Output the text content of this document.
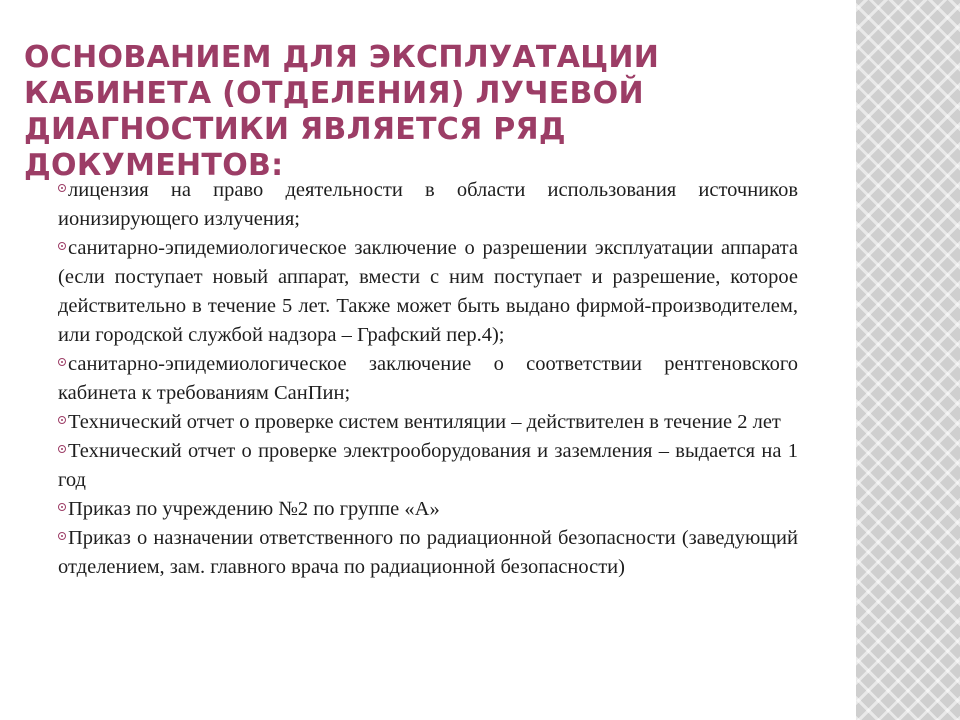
ОСНОВАНИЕМ ДЛЯ ЭКСПЛУАТАЦИИ КАБИНЕТА (ОТДЕЛЕНИЯ) ЛУЧЕВОЙ ДИАГНОСТИКИ ЯВЛЯЕТСЯ РЯД ДОКУМЕНТОВ:
лицензия на право деятельности в области использования источников ионизирующего излучения;
санитарно-эпидемиологическое заключение о разрешении эксплуатации аппарата (если поступает новый аппарат, вмести с ним поступает и разрешение, которое действительно в течение 5 лет. Также может быть выдано фирмой-производителем, или городской службой надзора – Графский пер.4);
санитарно-эпидемиологическое заключение о соответствии рентгеновского кабинета к требованиям СанПин;
Технический отчет о проверке систем вентиляции – действителен в течение 2 лет
Технический отчет о проверке электрооборудования и заземления – выдается на 1 год
Приказ по учреждению №2 по группе «А»
Приказ о назначении ответственного по радиационной безопасности (заведующий отделением, зам. главного врача по радиационной безопасности)
